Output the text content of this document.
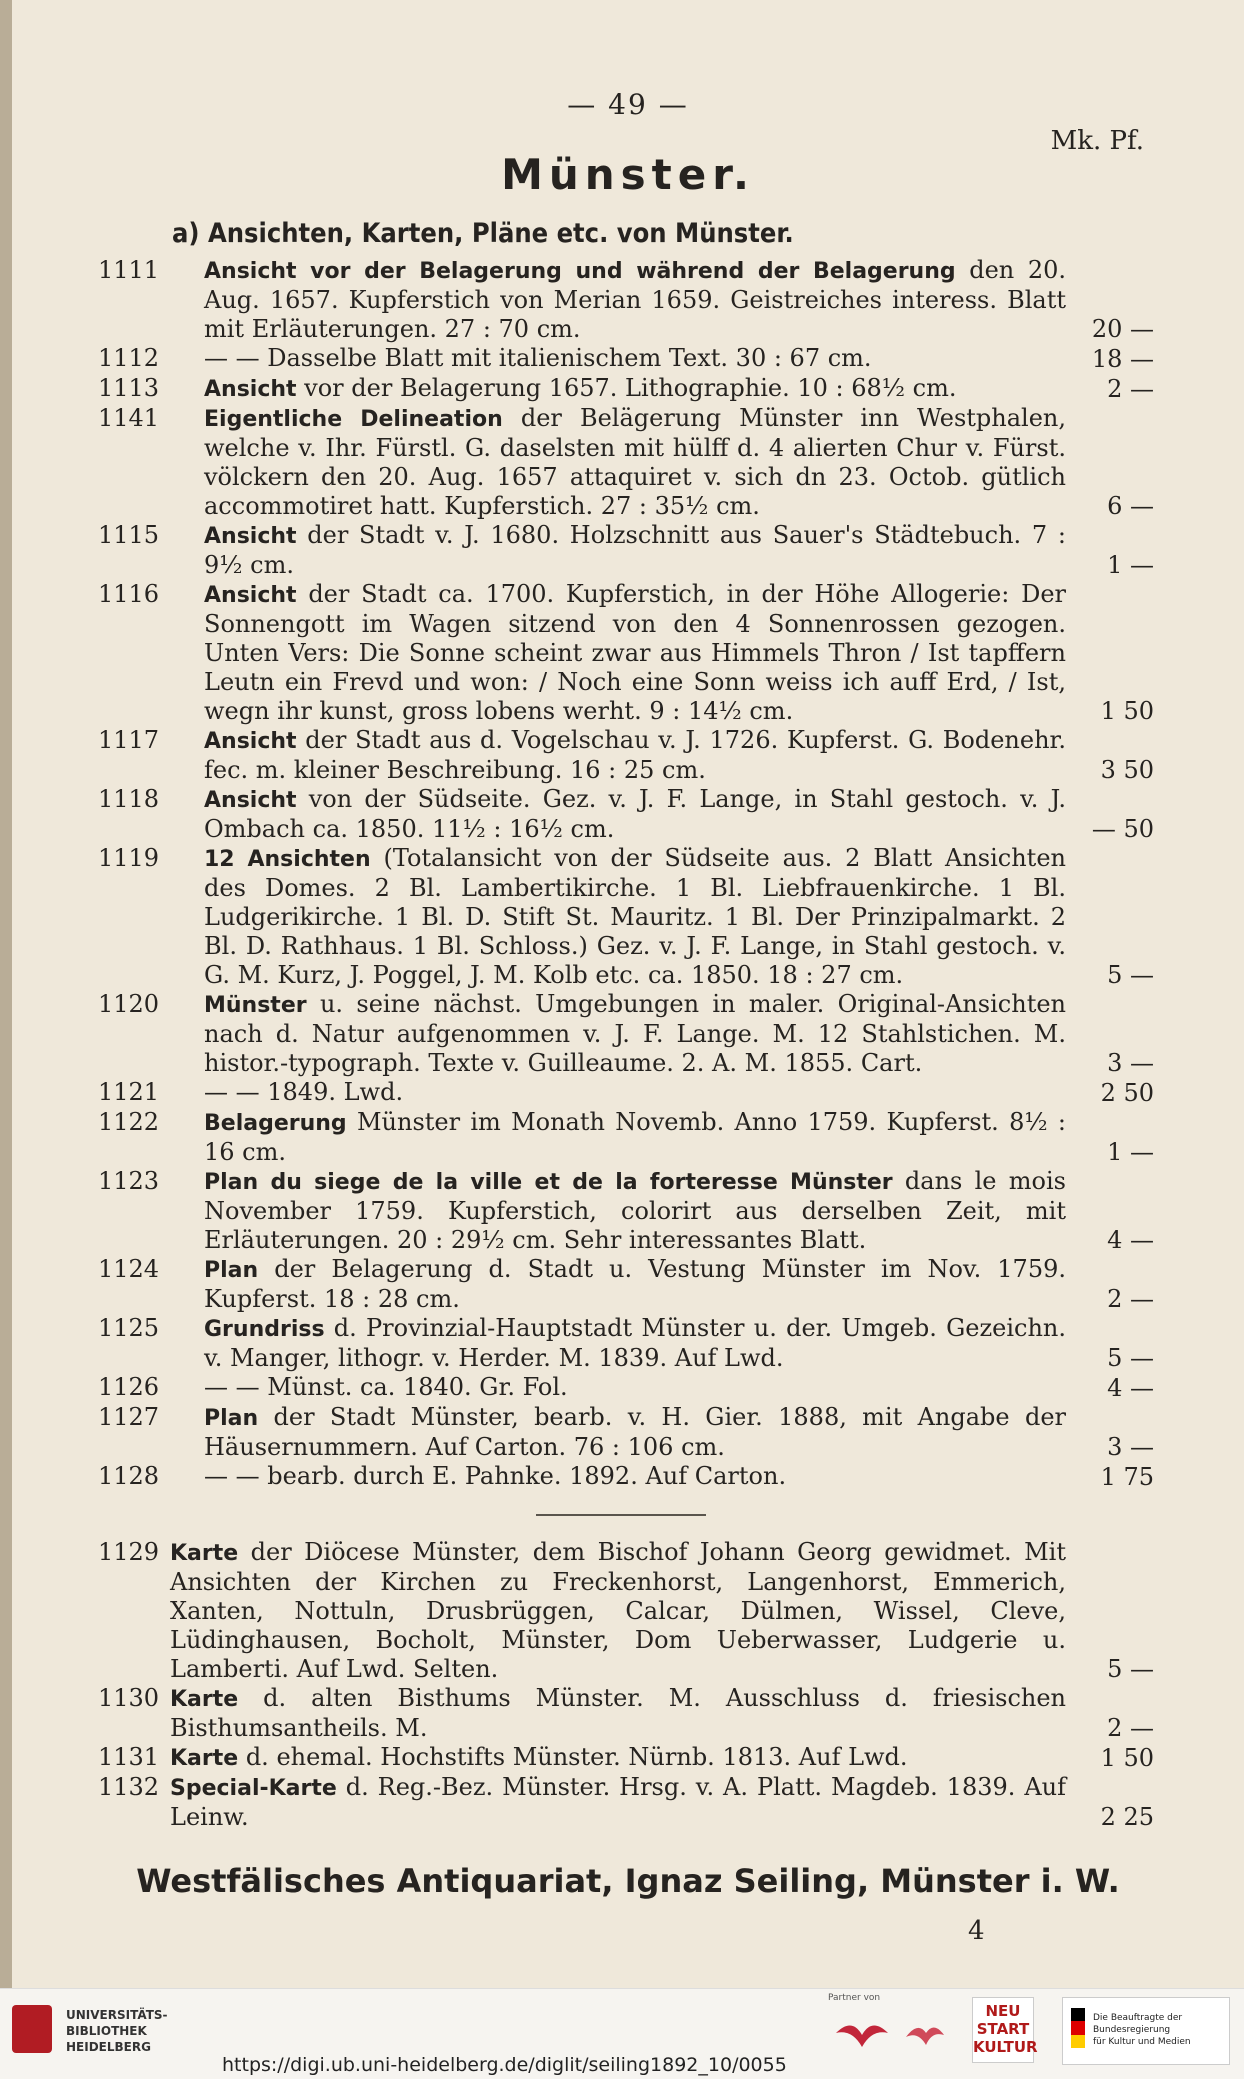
— 49 —
Mk. Pf.
Münster.
a) Ansichten, Karten, Pläne etc. von Münster.
1111 Ansicht vor der Belagerung und während der Belagerung den 20. Aug. 1657. Kupferstich von Merian 1659. Geistreiches interess. Blatt mit Erläuterungen. 27 : 70 cm.	20 —
1112 — — Dasselbe Blatt mit italienischem Text. 30 : 67 cm.	18 —
1113 Ansicht vor der Belagerung 1657. Lithographie. 10 : 68½ cm.	2 —
1141 Eigentliche Delineation der Belägerung Münster inn Westphalen, welche v. Ihr. Fürstl. G. daselsten mit hülff d. 4 alierten Chur v. Fürst. völckern den 20. Aug. 1657 attaquiret v. sich dn 23. Octob. gütlich accommotiret hatt. Kupferstich. 27 : 35½ cm.	6 —
1115 Ansicht der Stadt v. J. 1680. Holzschnitt aus Sauer's Städtebuch. 7 : 9½ cm.	1 —
1116 Ansicht der Stadt ca. 1700. Kupferstich, in der Höhe Allogerie: Der Sonnengott im Wagen sitzend von den 4 Sonnenrossen gezogen. Unten Vers: Die Sonne scheint zwar aus Himmels Thron / Ist tapffern Leutn ein Frevd und won: / Noch eine Sonn weiss ich auff Erd, / Ist, wegn ihr kunst, gross lobens werht. 9 : 14½ cm.	1 50
1117 Ansicht der Stadt aus d. Vogelschau v. J. 1726. Kupferst. G. Bodenehr. fec. m. kleiner Beschreibung. 16 : 25 cm.	3 50
1118 Ansicht von der Südseite. Gez. v. J. F. Lange, in Stahl gestoch. v. J. Ombach ca. 1850. 11½ : 16½ cm.	— 50
1119 12 Ansichten (Totalansicht von der Südseite aus. 2 Blatt Ansichten des Domes. 2 Bl. Lambertikirche. 1 Bl. Liebfrauenkirche. 1 Bl. Ludgerikirche. 1 Bl. D. Stift St. Mauritz. 1 Bl. Der Prinzipalmarkt. 2 Bl. D. Rathhaus. 1 Bl. Schloss.) Gez. v. J. F. Lange, in Stahl gestoch. v. G. M. Kurz, J. Poggel, J. M. Kolb etc. ca. 1850. 18 : 27 cm.	5 —
1120 Münster u. seine nächst. Umgebungen in maler. Original-Ansichten nach d. Natur aufgenommen v. J. F. Lange. M. 12 Stahlstichen. M. histor.-typograph. Texte v. Guilleaume. 2. A. M. 1855. Cart.	3 —
1121 — — 1849. Lwd.	2 50
1122 Belagerung Münster im Monath Novemb. Anno 1759. Kupferst. 8½ : 16 cm.	1 —
1123 Plan du siege de la ville et de la forteresse Münster dans le mois November 1759. Kupferstich, colorirt aus derselben Zeit, mit Erläuterungen. 20 : 29½ cm. Sehr interessantes Blatt.	4 —
1124 Plan der Belagerung d. Stadt u. Vestung Münster im Nov. 1759. Kupferst. 18 : 28 cm.	2 —
1125 Grundriss d. Provinzial-Hauptstadt Münster u. der. Umgeb. Gezeichn. v. Manger, lithogr. v. Herder. M. 1839. Auf Lwd.	5 —
1126 — — Münst. ca. 1840. Gr. Fol.	4 —
1127 Plan der Stadt Münster, bearb. v. H. Gier. 1888, mit Angabe der Häusernummern. Auf Carton. 76 : 106 cm.	3 —
1128 — — bearb. durch E. Pahnke. 1892. Auf Carton.	1 75
1129 Karte der Diöcese Münster, dem Bischof Johann Georg gewidmet. Mit Ansichten der Kirchen zu Freckenhorst, Langenhorst, Emmerich, Xanten, Nottuln, Drusbrüggen, Calcar, Dülmen, Wissel, Cleve, Lüdinghausen, Bocholt, Münster, Dom Ueberwasser, Ludgerie u. Lamberti. Auf Lwd. Selten.	5 —
1130 Karte d. alten Bisthums Münster. M. Ausschluss d. friesischen Bisthumsantheils. M.	2 —
1131 Karte d. ehemal. Hochstifts Münster. Nürnb. 1813. Auf Lwd.	1 50
1132 Special-Karte d. Reg.-Bez. Münster. Hrsg. v. A. Platt. Magdeb. 1839. Auf Leinw.	2 25
Westfälisches Antiquariat, Ignaz Seiling, Münster i. W.
4
UNIVERSITÄTS-
BIBLIOTHEK
HEIDELBERG
Partner von
NEU
START
KULTUR
Die Beauftragte der Bundesregierung
für Kultur und Medien
https://digi.ub.uni-heidelberg.de/diglit/seiling1892_10/0055
